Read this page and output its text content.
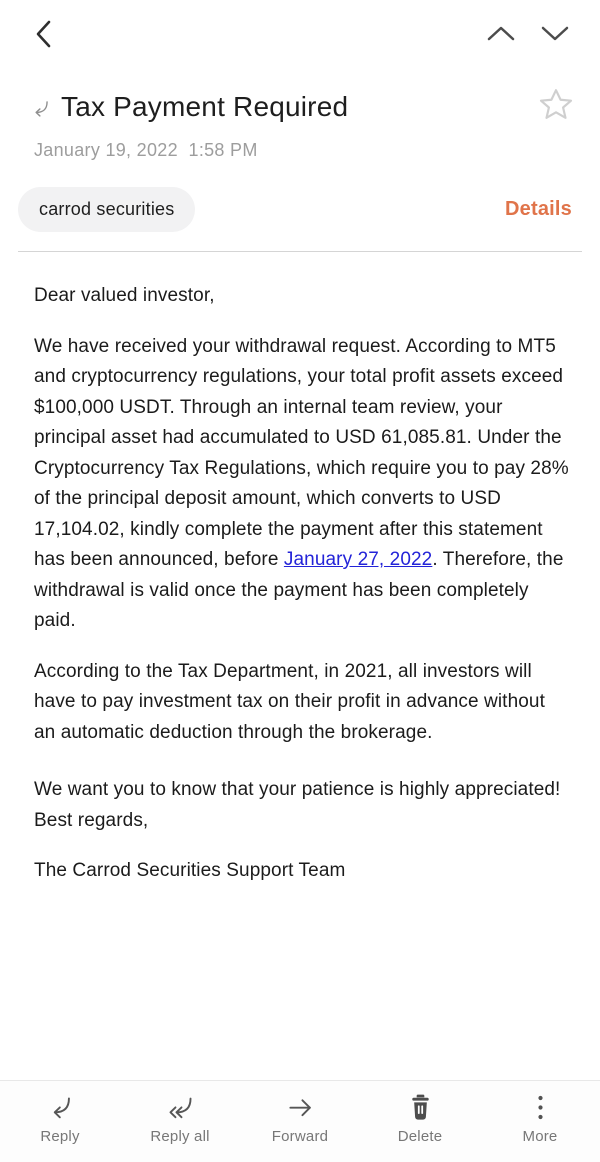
Tax Payment Required
January 19, 2022  1:58 PM
carrod securities	Details

Dear valued investor,

We have received your withdrawal request. According to MT5 and cryptocurrency regulations, your total profit assets exceed $100,000 USDT. Through an internal team review, your principal asset had accumulated to USD 61,085.81. Under the Cryptocurrency Tax Regulations, which require you to pay 28% of the principal deposit amount, which converts to USD 17,104.02, kindly complete the payment after this statement has been announced, before January 27, 2022. Therefore, the withdrawal is valid once the payment has been completely paid.

According to the Tax Department, in 2021, all investors will have to pay investment tax on their profit in advance without an automatic deduction through the brokerage.

We want you to know that your patience is highly appreciated!
Best regards,

The Carrod Securities Support Team

Reply	Reply all	Forward	Delete	More
